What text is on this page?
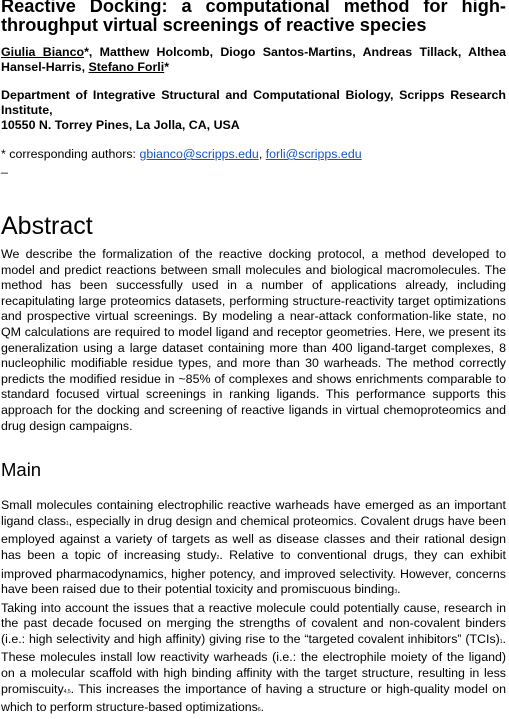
Reactive Docking: a computational method for high-throughput virtual screenings of reactive species

Giulia Bianco*, Matthew Holcomb, Diogo Santos-Martins, Andreas Tillack, Althea Hansel-Harris, Stefano Forli*

Department of Integrative Structural and Computational Biology, Scripps Research Institute,
10550 N. Torrey Pines, La Jolla, CA, USA

* corresponding authors: gbianco@scripps.edu, forli@scripps.edu

_

Abstract

We describe the formalization of the reactive docking protocol, a method developed to model and predict reactions between small molecules and biological macromolecules. The method has been successfully used in a number of applications already, including recapitulating large proteomics datasets, performing structure-reactivity target optimizations and prospective virtual screenings. By modeling a near-attack conformation-like state, no QM calculations are required to model ligand and receptor geometries. Here, we present its generalization using a large dataset containing more than 400 ligand-target complexes, 8 nucleophilic modifiable residue types, and more than 30 warheads. The method correctly predicts the modified residue in ~85% of complexes and shows enrichments comparable to standard focused virtual screenings in ranking ligands. This performance supports this approach for the docking and screening of reactive ligands in virtual chemoproteomics and drug design campaigns.

Main

Small molecules containing electrophilic reactive warheads have emerged as an important ligand class1, especially in drug design and chemical proteomics. Covalent drugs have been employed against a variety of targets as well as disease classes and their rational design has been a topic of increasing study2. Relative to conventional drugs, they can exhibit improved pharmacodynamics, higher potency, and improved selectivity. However, concerns have been raised due to their potential toxicity and promiscuous binding3.

Taking into account the issues that a reactive molecule could potentially cause, research in the past decade focused on merging the strengths of covalent and non-covalent binders (i.e.: high selectivity and high affinity) giving rise to the “targeted covalent inhibitors” (TCIs)1. These molecules install low reactivity warheads (i.e.: the electrophile moiety of the ligand) on a molecular scaffold with high binding affinity with the target structure, resulting in less promiscuity4,5. This increases the importance of having a structure or high-quality model on which to perform structure-based optimizations6.
